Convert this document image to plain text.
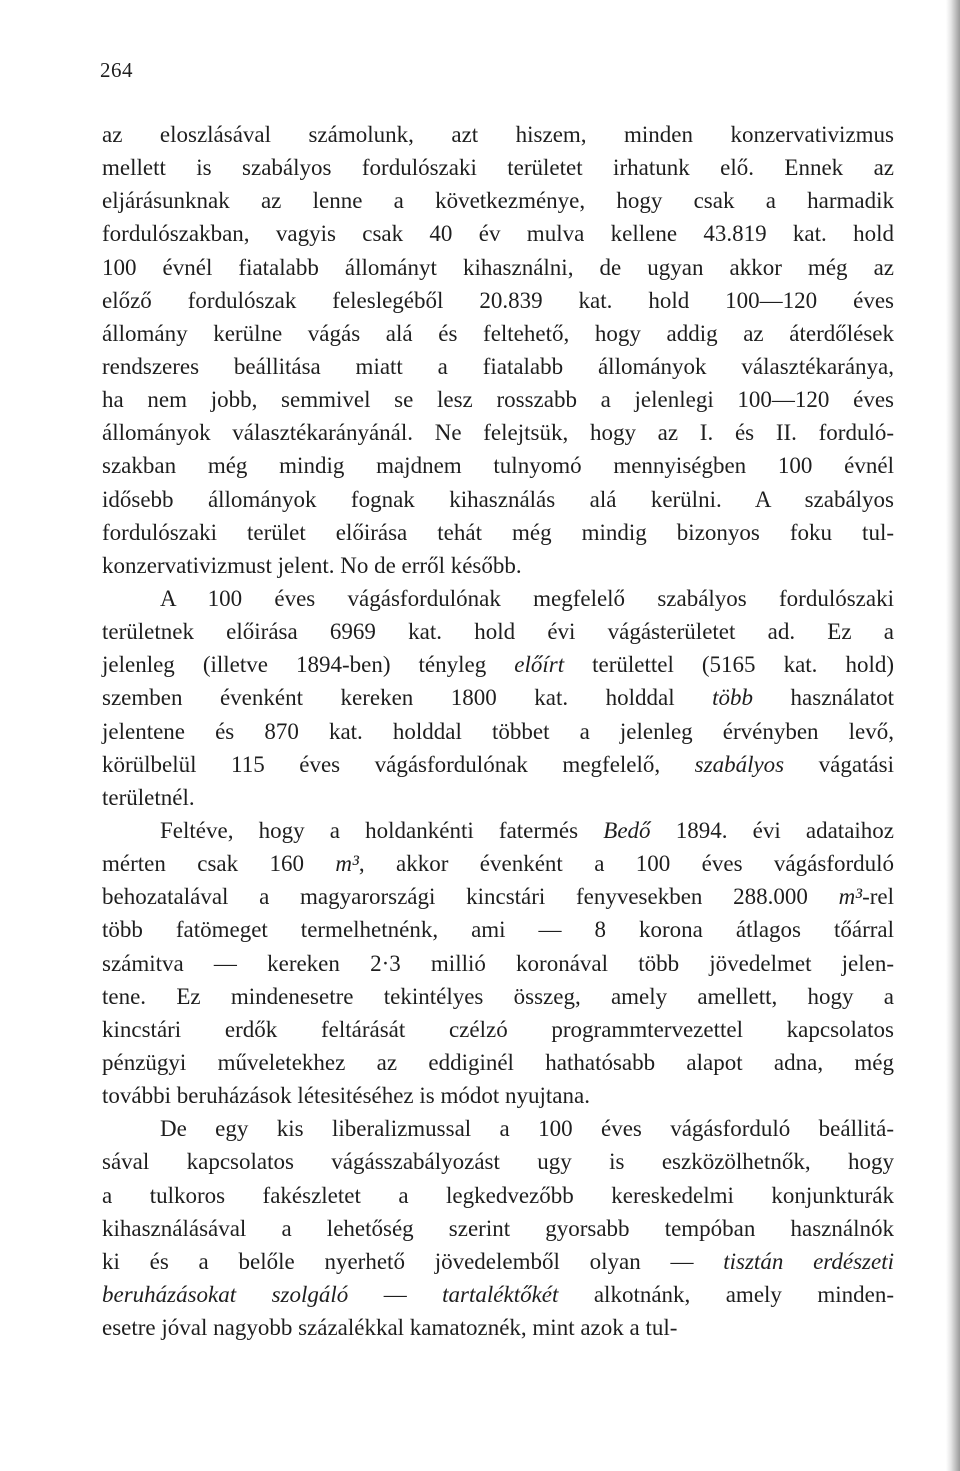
264
az eloszlásával számolunk, azt hiszem, minden konzervativizmus
mellett is szabályos fordulószaki területet irhatunk elő. Ennek az
eljárásunknak az lenne a következménye, hogy csak a harmadik
fordulószakban, vagyis csak 40 év mulva kellene 43.819 kat. hold
100 évnél fiatalabb állományt kihasználni, de ugyan akkor még az
előző fordulószak feleslegéből 20.839 kat. hold 100—120 éves
állomány kerülne vágás alá és feltehető, hogy addig az áterdőlések
rendszeres beállitása miatt a fiatalabb állományok választékaránya,
ha nem jobb, semmivel se lesz rosszabb a jelenlegi 100—120 éves
állományok választékarányánál. Ne felejtsük, hogy az I. és II. forduló-
szakban még mindig majdnem tulnyomó mennyiségben 100 évnél
idősebb állományok fognak kihasználás alá kerülni. A szabályos
fordulószaki terület előirása tehát még mindig bizonyos foku tul-
konzervativizmust jelent. No de erről később.
A 100 éves vágásfordulónak megfelelő szabályos fordulószaki
területnek előirása 6969 kat. hold évi vágásterületet ad. Ez a
jelenleg (illetve 1894-ben) tényleg előírt területtel (5165 kat. hold)
szemben évenként kereken 1800 kat. holddal több használatot
jelentene és 870 kat. holddal többet a jelenleg érvényben levő,
körülbelül 115 éves vágásfordulónak megfelelő, szabályos vágatási
területnél.
Feltéve, hogy a holdankénti fatermés Bedő 1894. évi adataihoz
mérten csak 160 m³, akkor évenként a 100 éves vágásforduló
behozatalával a magyarországi kincstári fenyvesekben 288.000 m³-rel
több fatömeget termelhetnénk, ami — 8 korona átlagos tőárral
számitva — kereken 2·3 millió koronával több jövedelmet jelen-
tene. Ez mindenesetre tekintélyes összeg, amely amellett, hogy a
kincstári erdők feltárását czélzó programmtervezettel kapcsolatos
pénzügyi műveletekhez az eddiginél hathatósabb alapot adna, még
további beruházások létesitéséhez is módot nyujtana.
De egy kis liberalizmussal a 100 éves vágásforduló beállitá-
sával kapcsolatos vágásszabályozást ugy is eszközölhetnők, hogy
a tulkoros fakészletet a legkedvezőbb kereskedelmi konjunkturák
kihasználásával a lehetőség szerint gyorsabb tempóban használnók
ki és a belőle nyerhető jövedelemből olyan — tisztán erdészeti
beruházásokat szolgáló — tartaléktőkét alkotnánk, amely minden-
esetre jóval nagyobb százalékkal kamatoznék, mint azok a tul-
